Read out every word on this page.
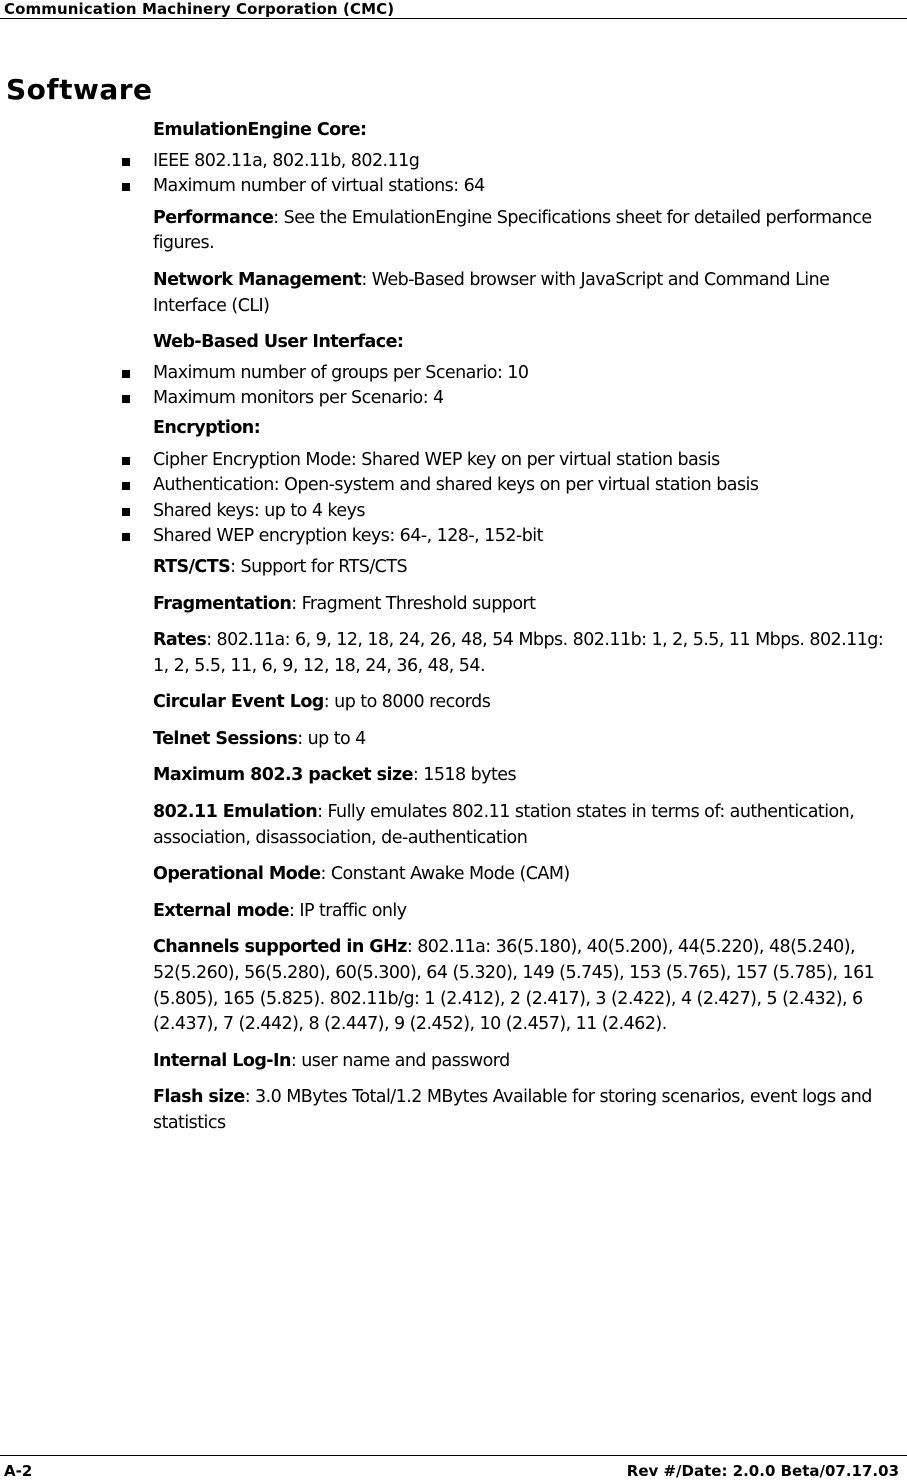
Communication Machinery Corporation (CMC)
Software
EmulationEngine Core:
IEEE 802.11a, 802.11b, 802.11g
Maximum number of virtual stations: 64
Performance: See the EmulationEngine Specifications sheet for detailed performance figures.
Network Management: Web-Based browser with JavaScript and Command Line Interface (CLI)
Web-Based User Interface:
Maximum number of groups per Scenario: 10
Maximum monitors per Scenario: 4
Encryption:
Cipher Encryption Mode: Shared WEP key on per virtual station basis
Authentication: Open-system and shared keys on per virtual station basis
Shared keys: up to 4 keys
Shared WEP encryption keys: 64-, 128-, 152-bit
RTS/CTS: Support for RTS/CTS
Fragmentation: Fragment Threshold support
Rates: 802.11a: 6, 9, 12, 18, 24, 26, 48, 54 Mbps. 802.11b: 1, 2, 5.5, 11 Mbps. 802.11g: 1, 2, 5.5, 11, 6, 9, 12, 18, 24, 36, 48, 54.
Circular Event Log: up to 8000 records
Telnet Sessions: up to 4
Maximum 802.3 packet size: 1518 bytes
802.11 Emulation: Fully emulates 802.11 station states in terms of: authentication, association, disassociation, de-authentication
Operational Mode: Constant Awake Mode (CAM)
External mode: IP traffic only
Channels supported in GHz: 802.11a: 36(5.180), 40(5.200), 44(5.220), 48(5.240), 52(5.260), 56(5.280), 60(5.300), 64 (5.320), 149 (5.745), 153 (5.765), 157 (5.785), 161 (5.805), 165 (5.825). 802.11b/g: 1 (2.412), 2 (2.417), 3 (2.422), 4 (2.427), 5 (2.432), 6 (2.437), 7 (2.442), 8 (2.447), 9 (2.452), 10 (2.457), 11 (2.462).
Internal Log-In: user name and password
Flash size: 3.0 MBytes Total/1.2 MBytes Available for storing scenarios, event logs and statistics
A-2	Rev #/Date: 2.0.0 Beta/07.17.03
